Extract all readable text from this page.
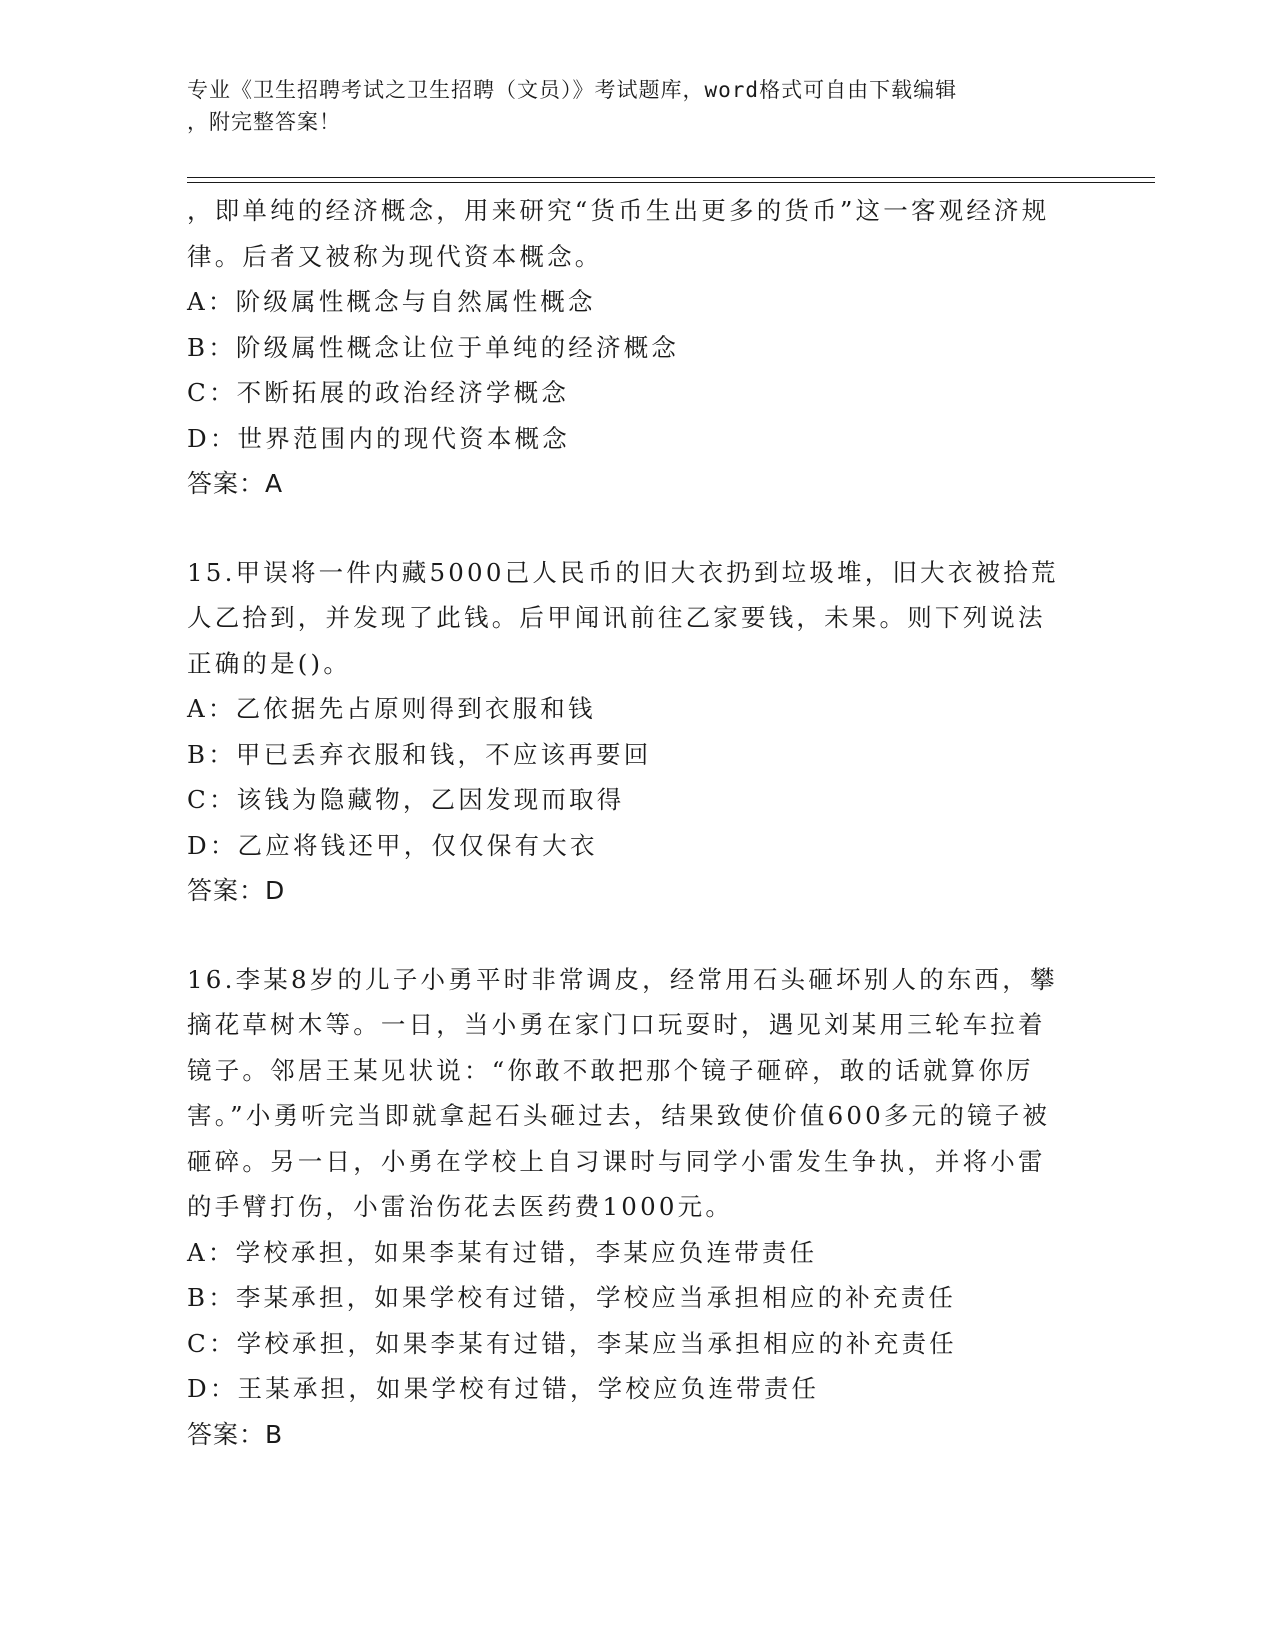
专业《卫生招聘考试之卫生招聘（文员）》考试题库，word格式可自由下载编辑
，附完整答案！

，即单纯的经济概念，用来研究“货币生出更多的货币”这一客观经济规律。后者又被称为现代资本概念。

A：阶级属性概念与自然属性概念

B：阶级属性概念让位于单纯的经济概念

C：不断拓展的政治经济学概念

D：世界范围内的现代资本概念

答案：A

15.甲误将一件内藏5000己人民币的旧大衣扔到垃圾堆，旧大衣被拾荒人乙拾到，并发现了此钱。后甲闻讯前往乙家要钱，未果。则下列说法正确的是()。

A：乙依据先占原则得到衣服和钱

B：甲已丢弃衣服和钱，不应该再要回

C：该钱为隐藏物，乙因发现而取得

D：乙应将钱还甲，仅仅保有大衣

答案：D

16.李某8岁的儿子小勇平时非常调皮，经常用石头砸坏别人的东西，攀摘花草树木等。一日，当小勇在家门口玩耍时，遇见刘某用三轮车拉着镜子。邻居王某见状说：“你敢不敢把那个镜子砸碎，敢的话就算你厉害。”小勇听完当即就拿起石头砸过去，结果致使价值600多元的镜子被砸碎。另一日，小勇在学校上自习课时与同学小雷发生争执，并将小雷的手臂打伤，小雷治伤花去医药费1000元。

A：学校承担，如果李某有过错，李某应负连带责任

B：李某承担，如果学校有过错，学校应当承担相应的补充责任

C：学校承担，如果李某有过错，李某应当承担相应的补充责任

D：王某承担，如果学校有过错，学校应负连带责任

答案：B
